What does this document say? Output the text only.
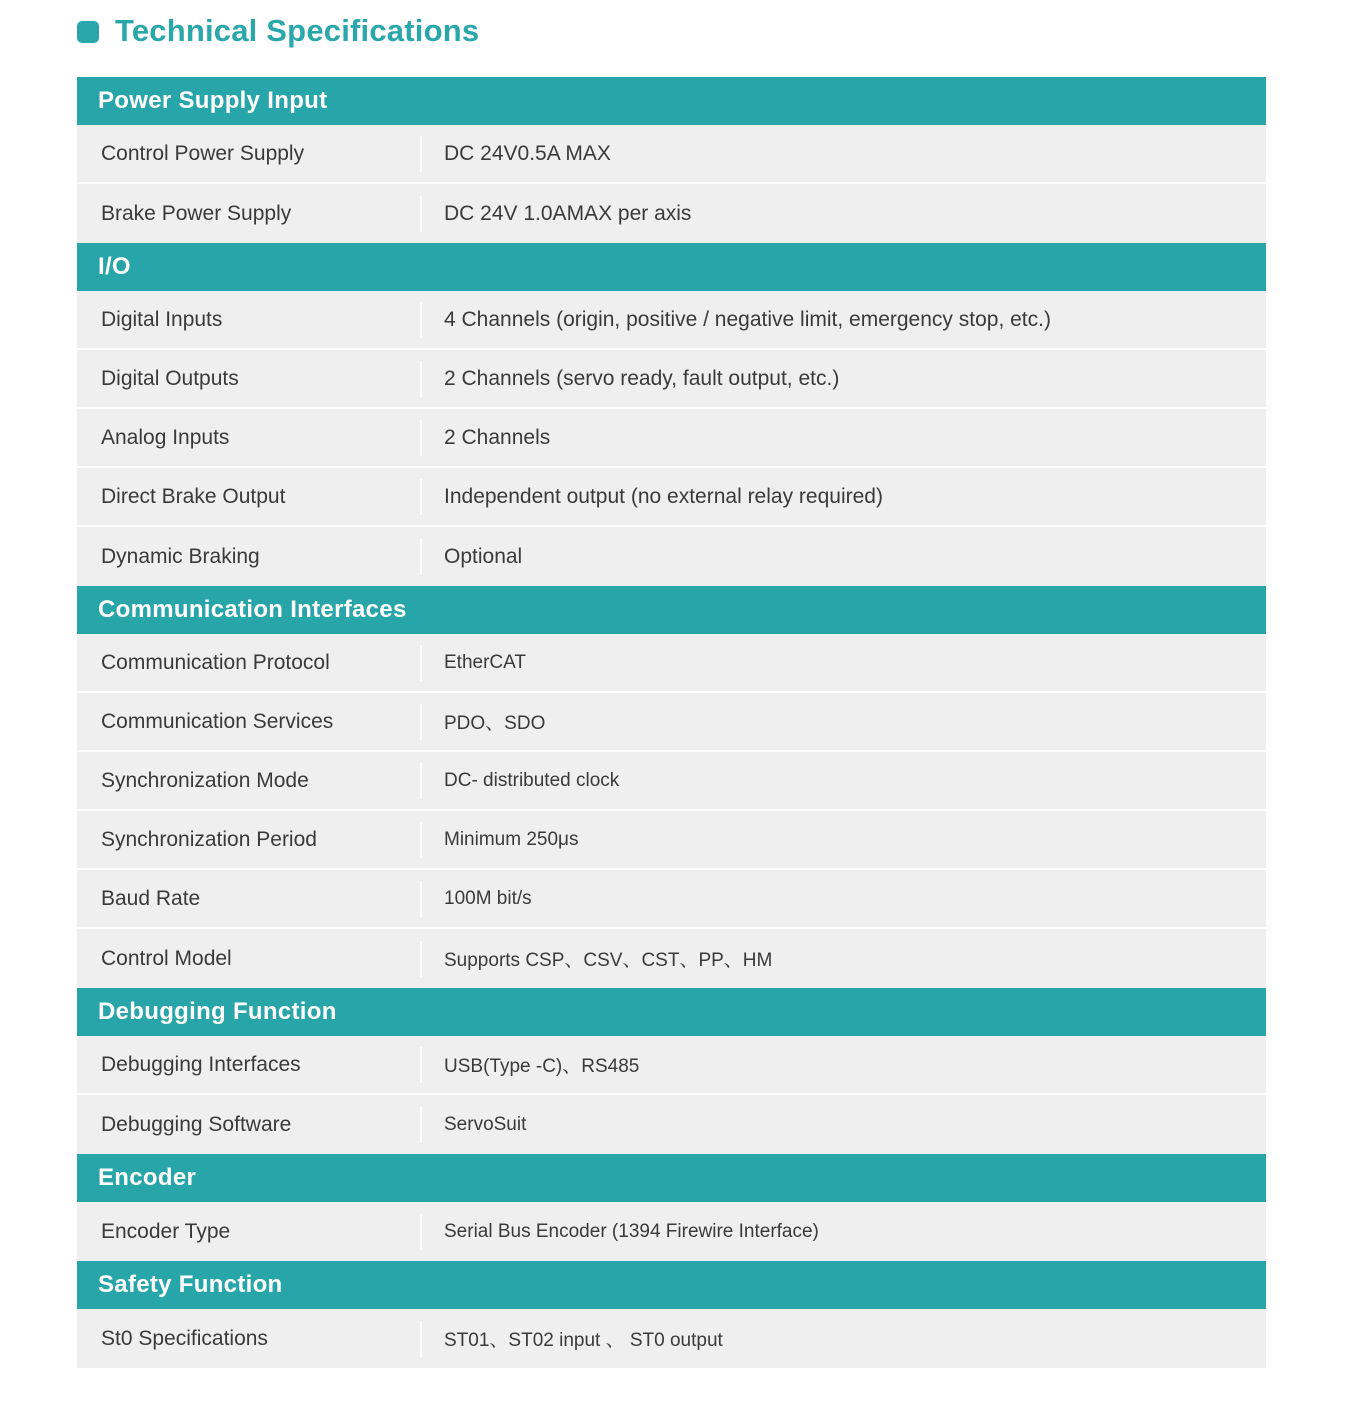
Technical Specifications
Power Supply Input
Control Power Supply	DC 24V0.5A MAX
Brake Power Supply	DC 24V 1.0AMAX per axis
I/O
Digital Inputs	4 Channels (origin, positive / negative limit, emergency stop, etc.)
Digital Outputs	2 Channels (servo ready, fault output, etc.)
Analog Inputs	2 Channels
Direct Brake Output	Independent output (no external relay required)
Dynamic Braking	Optional
Communication Interfaces
Communication Protocol	EtherCAT
Communication Services	PDO、SDO
Synchronization Mode	DC- distributed clock
Synchronization Period	Minimum 250μs
Baud Rate	100M bit/s
Control Model	Supports CSP、CSV、CST、PP、HM
Debugging Function
Debugging Interfaces	USB(Type -C)、RS485
Debugging Software	ServoSuit
Encoder
Encoder Type	Serial Bus Encoder (1394 Firewire Interface)
Safety Function
St0 Specifications	ST01、ST02 input 、 ST0 output
